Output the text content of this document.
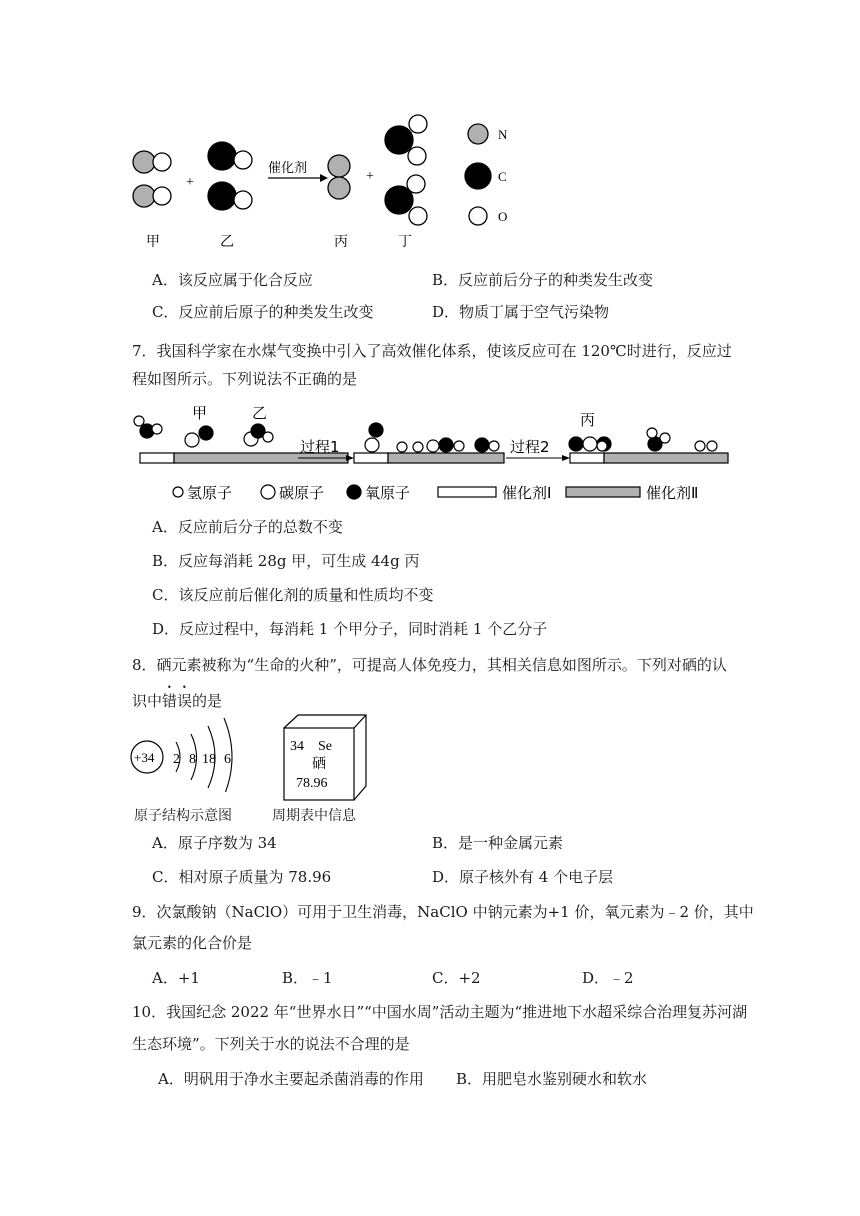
+	+
催化剂
甲	乙	丙	丁
N
C
O
A．该反应属于化合反应	B．反应前后分子的种类发生改变
C．反应前后原子的种类发生改变	D．物质丁属于空气污染物
7．我国科学家在水煤气变换中引入了高效催化体系，使该反应可在 120℃时进行，反应过
程如图所示。下列说法不正确的是
甲	乙	丙
过程1	过程2
氢原子	碳原子	氧原子	催化剂Ⅰ	催化剂Ⅱ
A．反应前后分子的总数不变
B．反应每消耗 28g 甲，可生成 44g 丙
C．该反应前后催化剂的质量和性质均不变
D．反应过程中，每消耗 1 个甲分子，同时消耗 1 个乙分子
8．硒元素被称为“生命的火种”，可提高人体免疫力，其相关信息如图所示。下列对硒的认
识中错误的是
+34 2 8 18 6
34 Se
硒
78.96
原子结构示意图	周期表中信息
A．原子序数为 34	B．是一种金属元素
C．相对原子质量为 78.96	D．原子核外有 4 个电子层
9．次氯酸钠（NaClO）可用于卫生消毒，NaClO 中钠元素为+1 价，氧元素为﹣2 价，其中
氯元素的化合价是
A．+1	B．﹣1	C．+2	D．﹣2
10．我国纪念 2022 年“世界水日”“中国水周”活动主题为“推进地下水超采综合治理复苏河湖
生态环境”。下列关于水的说法不合理的是
A．明矾用于净水主要起杀菌消毒的作用 B．用肥皂水鉴别硬水和软水
